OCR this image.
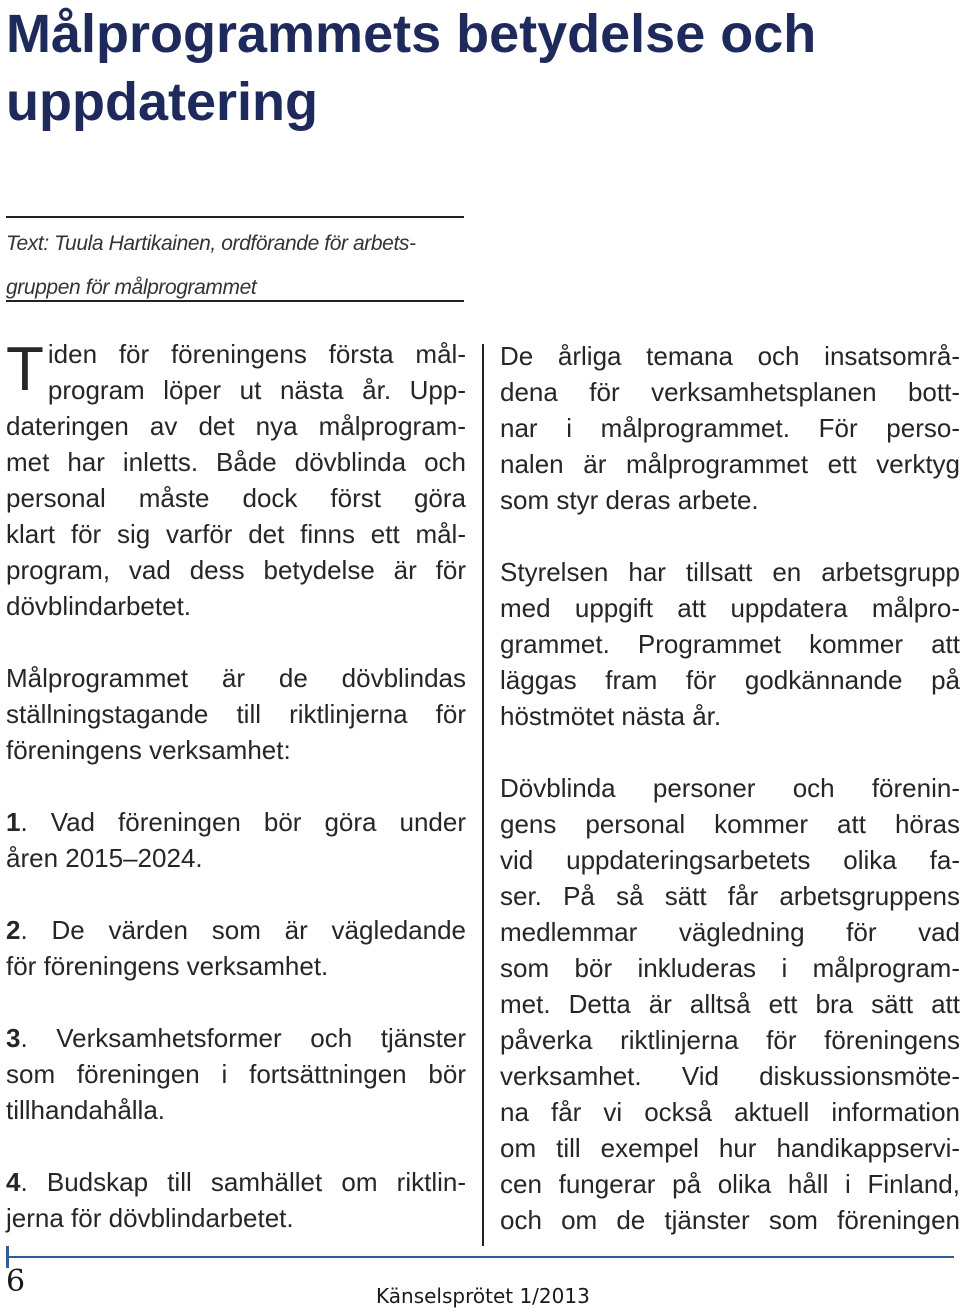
Målprogrammets betydelse och
uppdatering
Text: Tuula Hartikainen, ordförande för arbets-
gruppen för målprogrammet
T iden för föreningens första mål-
program löper ut nästa år. Upp-
dateringen av det nya målprogram-
met har inletts. Både dövblinda och
personal måste dock först göra
klart för sig varför det finns ett mål-
program, vad dess betydelse är för
dövblindarbetet.
Målprogrammet är de dövblindas
ställningstagande till riktlinjerna för
föreningens verksamhet:
1. Vad föreningen bör göra under
åren 2015–2024.
2. De värden som är vägledande
för föreningens verksamhet.
3. Verksamhetsformer och tjänster
som föreningen i fortsättningen bör
tillhandahålla.
4. Budskap till samhället om riktlin-
jerna för dövblindarbetet.
De årliga temana och insatsområ-
dena för verksamhetsplanen bott-
nar i målprogrammet. För perso-
nalen är målprogrammet ett verktyg
som styr deras arbete.
Styrelsen har tillsatt en arbetsgrupp
med uppgift att uppdatera målpro-
grammet. Programmet kommer att
läggas fram för godkännande på
höstmötet nästa år.
Dövblinda personer och förenin-
gens personal kommer att höras
vid uppdateringsarbetets olika fa-
ser. På så sätt får arbetsgruppens
medlemmar vägledning för vad
som bör inkluderas i målprogram-
met. Detta är alltså ett bra sätt att
påverka riktlinjerna för föreningens
verksamhet. Vid diskussionsmöte-
na får vi också aktuell information
om till exempel hur handikappservi-
cen fungerar på olika håll i Finland,
och om de tjänster som föreningen
6	Känselsprötet 1/2013
